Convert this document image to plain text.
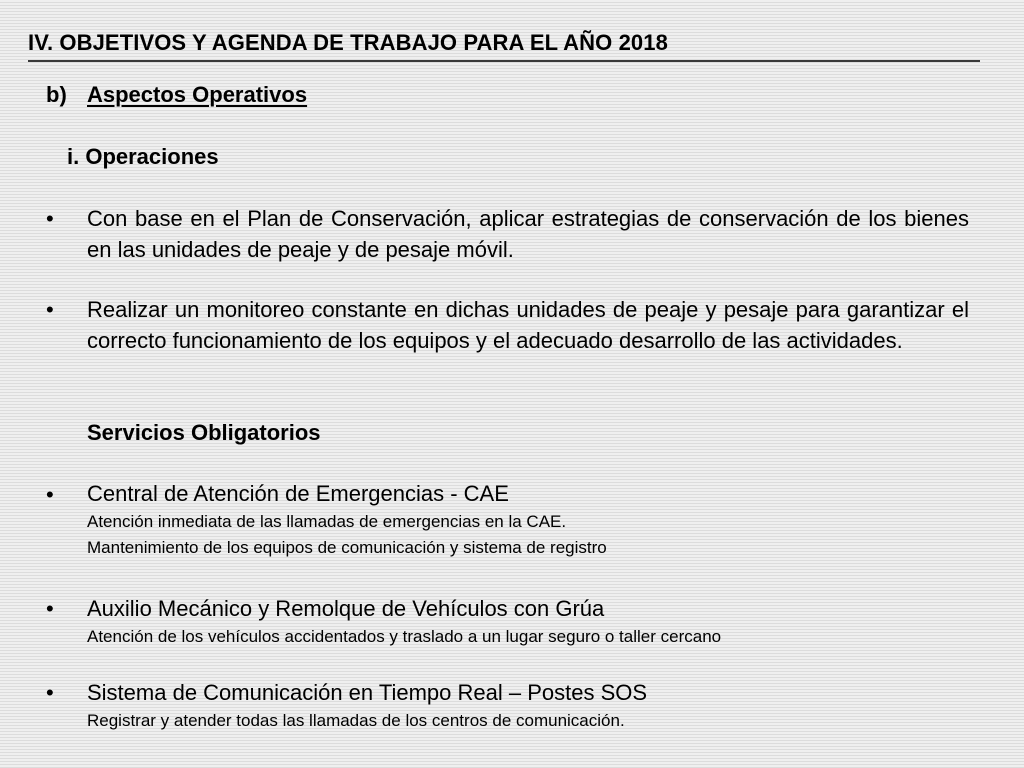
IV. OBJETIVOS Y AGENDA DE TRABAJO PARA EL AÑO 2018
b) Aspectos Operativos
i. Operaciones
• Con base en el Plan de Conservación, aplicar estrategias de conservación de los bienes en las unidades de peaje y de pesaje móvil.
• Realizar un monitoreo constante en dichas unidades de peaje y pesaje para garantizar el correcto funcionamiento de los equipos y el adecuado desarrollo de las actividades.
Servicios Obligatorios
• Central de Atención de Emergencias - CAE
Atención inmediata de las llamadas de emergencias en la CAE.
Mantenimiento de los equipos de comunicación y sistema de registro
• Auxilio Mecánico y Remolque de Vehículos con Grúa
Atención de los vehículos accidentados y traslado a un lugar seguro o taller cercano
• Sistema de Comunicación en Tiempo Real – Postes SOS
Registrar y atender todas las llamadas de los centros de comunicación.
